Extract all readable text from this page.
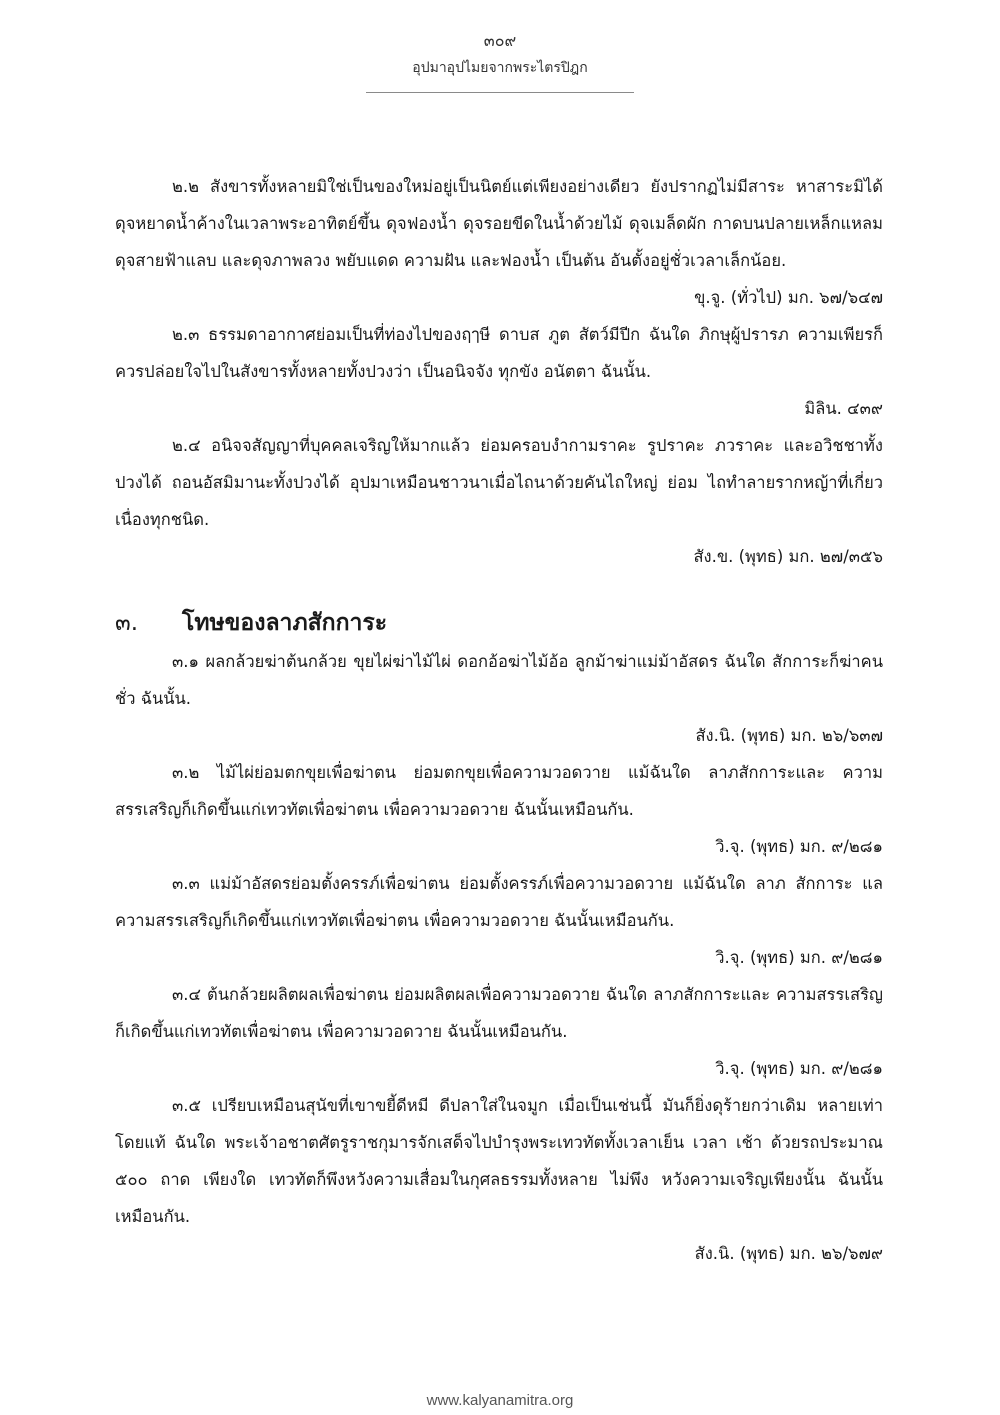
๓๐๙
อุปมาอุปไมยจากพระไตรปิฎก

๒.๒ สังขารทั้งหลายมิใช่เป็นของใหม่อยู่เป็นนิตย์แต่เพียงอย่างเดียว ยังปรากฏไม่มีสาระ หาสาระมิได้ ดุจหยาดน้ำค้างในเวลาพระอาทิตย์ขึ้น ดุจฟองน้ำ ดุจรอยขีดในน้ำด้วยไม้ ดุจเมล็ดผัก กาดบนปลายเหล็กแหลม ดุจสายฟ้าแลบ และดุจภาพลวง พยับแดด ความฝัน และฟองน้ำ เป็นต้น อันตั้งอยู่ชั่วเวลาเล็กน้อย.

ขุ.จู. (ทั่วไป) มก. ๖๗/๖๔๗

๒.๓ ธรรมดาอากาศย่อมเป็นที่ท่องไปของฤๅษี ดาบส ภูต สัตว์มีปีก ฉันใด ภิกษุผู้ปรารภ ความเพียรก็ควรปล่อยใจไปในสังขารทั้งหลายทั้งปวงว่า เป็นอนิจจัง ทุกขัง อนัตตา ฉันนั้น.

มิลิน. ๔๓๙

๒.๔ อนิจจสัญญาที่บุคคลเจริญให้มากแล้ว ย่อมครอบงำกามราคะ รูปราคะ ภวราคะ และอวิชชาทั้งปวงได้ ถอนอัสมิมานะทั้งปวงได้ อุปมาเหมือนชาวนาเมื่อไถนาด้วยคันไถใหญ่ ย่อม ไถทำลายรากหญ้าที่เกี่ยวเนื่องทุกชนิด.

สัง.ข. (พุทธ) มก. ๒๗/๓๕๖

๓.	โทษของลาภสักการะ

๓.๑ ผลกล้วยฆ่าต้นกล้วย ขุยไผ่ฆ่าไม้ไผ่ ดอกอ้อฆ่าไม้อ้อ ลูกม้าฆ่าแม่ม้าอัสดร ฉันใด สักการะก็ฆ่าคนชั่ว ฉันนั้น.

สัง.นิ. (พุทธ) มก. ๒๖/๖๓๗

๓.๒ ไม้ไผ่ย่อมตกขุยเพื่อฆ่าตน ย่อมตกขุยเพื่อความวอดวาย แม้ฉันใด ลาภสักการะและ ความสรรเสริญก็เกิดขึ้นแก่เทวทัตเพื่อฆ่าตน เพื่อความวอดวาย ฉันนั้นเหมือนกัน.

วิ.จุ. (พุทธ) มก. ๙/๒๘๑

๓.๓ แม่ม้าอัสดรย่อมตั้งครรภ์เพื่อฆ่าตน ย่อมตั้งครรภ์เพื่อความวอดวาย แม้ฉันใด ลาภ สักการะ แลความสรรเสริญก็เกิดขึ้นแก่เทวทัตเพื่อฆ่าตน เพื่อความวอดวาย ฉันนั้นเหมือนกัน.

วิ.จุ. (พุทธ) มก. ๙/๒๘๑

๓.๔ ต้นกล้วยผลิตผลเพื่อฆ่าตน ย่อมผลิตผลเพื่อความวอดวาย ฉันใด ลาภสักการะและ ความสรรเสริญก็เกิดขึ้นแก่เทวทัตเพื่อฆ่าตน เพื่อความวอดวาย ฉันนั้นเหมือนกัน.

วิ.จุ. (พุทธ) มก. ๙/๒๘๑

๓.๕ เปรียบเหมือนสุนัขที่เขาขยี้ดีหมี ดีปลาใส่ในจมูก เมื่อเป็นเช่นนี้ มันก็ยิ่งดุร้ายกว่าเดิม หลายเท่าโดยแท้ ฉันใด พระเจ้าอชาตศัตรูราชกุมารจักเสด็จไปบำรุงพระเทวทัตทั้งเวลาเย็น เวลา เช้า ด้วยรถประมาณ ๕๐๐ ถาด เพียงใด เทวทัตก็พึงหวังความเสื่อมในกุศลธรรมทั้งหลาย ไม่พึง หวังความเจริญเพียงนั้น ฉันนั้นเหมือนกัน.

สัง.นิ. (พุทธ) มก. ๒๖/๖๗๙

www.kalyanamitra.org
